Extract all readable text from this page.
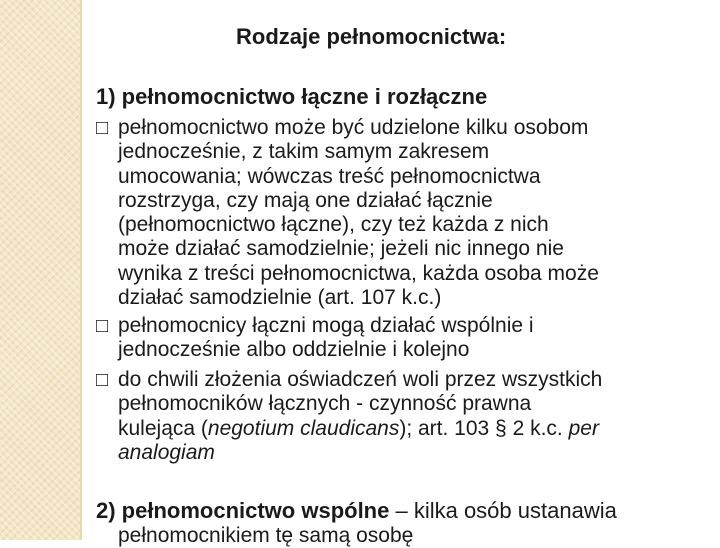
Rodzaje pełnomocnictwa:
1) pełnomocnictwo łączne i rozłączne
□ pełnomocnictwo może być udzielone kilku osobom
jednocześnie, z takim samym zakresem
umocowania; wówczas treść pełnomocnictwa
rozstrzyga, czy mają one działać łącznie
(pełnomocnictwo łączne), czy też każda z nich
może działać samodzielnie; jeżeli nic innego nie
wynika z treści pełnomocnictwa, każda osoba może
działać samodzielnie (art. 107 k.c.)
□ pełnomocnicy łączni mogą działać wspólnie i
jednocześnie albo oddzielnie i kolejno
□ do chwili złożenia oświadczeń woli przez wszystkich
pełnomocników łącznych - czynność prawna
kulejąca (negotium claudicans); art. 103 § 2 k.c. per
analogiam
2) pełnomocnictwo wspólne – kilka osób ustanawia
pełnomocnikiem tę samą osobę
